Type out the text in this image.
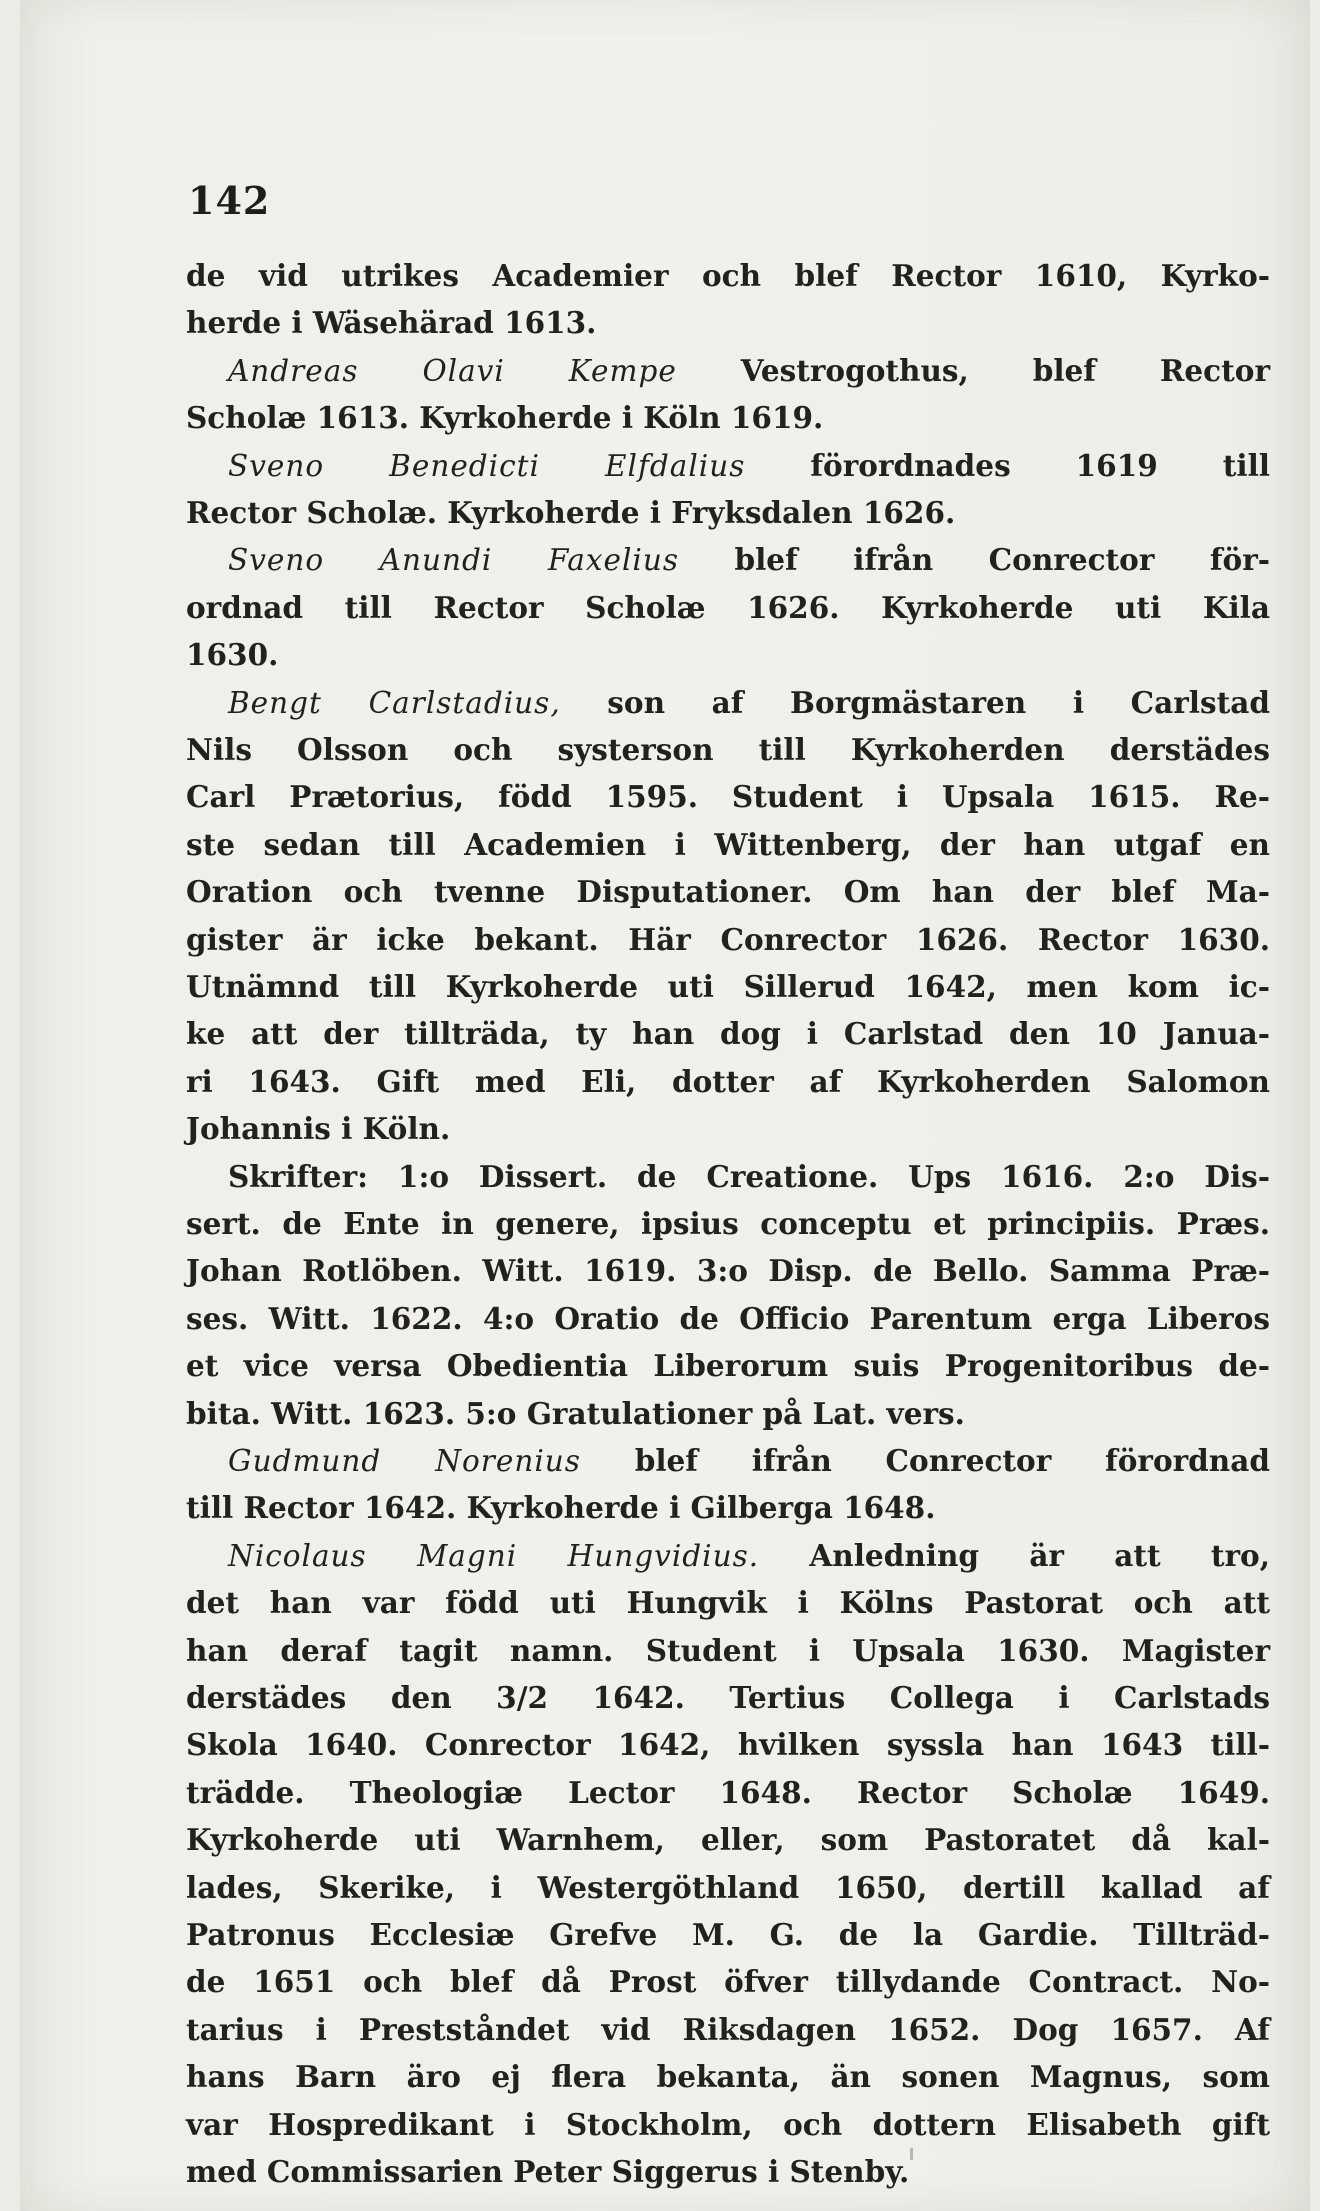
142
de vid utrikes Academier och blef Rector 1610, Kyrko-
herde i Wäsehärad 1613.
Andreas Olavi Kempe Vestrogothus, blef Rector
Scholæ 1613. Kyrkoherde i Köln 1619.
Sveno Benedicti Elfdalius förordnades 1619 till
Rector Scholæ. Kyrkoherde i Fryksdalen 1626.
Sveno Anundi Faxelius blef ifrån Conrector för-
ordnad till Rector Scholæ 1626. Kyrkoherde uti Kila
1630.
Bengt Carlstadius, son af Borgmästaren i Carlstad
Nils Olsson och systerson till Kyrkoherden derstädes
Carl Prætorius, född 1595. Student i Upsala 1615. Re-
ste sedan till Academien i Wittenberg, der han utgaf en
Oration och tvenne Disputationer. Om han der blef Ma-
gister är icke bekant. Här Conrector 1626. Rector 1630.
Utnämnd till Kyrkoherde uti Sillerud 1642, men kom ic-
ke att der tillträda, ty han dog i Carlstad den 10 Janua-
ri 1643. Gift med Eli, dotter af Kyrkoherden Salomon
Johannis i Köln.
Skrifter: 1:o Dissert. de Creatione. Ups 1616. 2:o Dis-
sert. de Ente in genere, ipsius conceptu et principiis. Præs.
Johan Rotlöben. Witt. 1619. 3:o Disp. de Bello. Samma Præ-
ses. Witt. 1622. 4:o Oratio de Officio Parentum erga Liberos
et vice versa Obedientia Liberorum suis Progenitoribus de-
bita. Witt. 1623. 5:o Gratulationer på Lat. vers.
Gudmund Norenius blef ifrån Conrector förordnad
till Rector 1642. Kyrkoherde i Gilberga 1648.
Nicolaus Magni Hungvidius. Anledning är att tro,
det han var född uti Hungvik i Kölns Pastorat och att
han deraf tagit namn. Student i Upsala 1630. Magister
derstädes den 3/2 1642. Tertius Collega i Carlstads
Skola 1640. Conrector 1642, hvilken syssla han 1643 till-
trädde. Theologiæ Lector 1648. Rector Scholæ 1649.
Kyrkoherde uti Warnhem, eller, som Pastoratet då kal-
lades, Skerike, i Westergöthland 1650, dertill kallad af
Patronus Ecclesiæ Grefve M. G. de la Gardie. Tillträd-
de 1651 och blef då Prost öfver tillydande Contract. No-
tarius i Prestståndet vid Riksdagen 1652. Dog 1657. Af
hans Barn äro ej flera bekanta, än sonen Magnus, som
var Hospredikant i Stockholm, och dottern Elisabeth gift
med Commissarien Peter Siggerus i Stenby.
